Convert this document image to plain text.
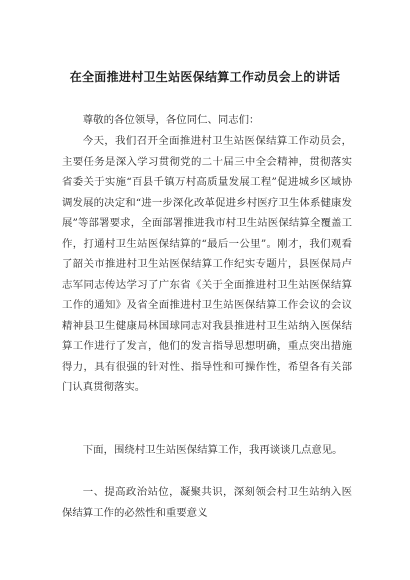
在全面推进村卫生站医保结算工作动员会上的讲话

尊敬的各位领导，各位同仁、同志们：

今天，我们召开全面推进村卫生站医保结算工作动员会，主要任务是深入学习贯彻党的二十届三中全会精神，贯彻落实省委关于实施“百县千镇万村高质量发展工程”促进城乡区域协调发展的决定和“进一步深化改革促进乡村医疗卫生体系健康发展”等部署要求，全面部署推进我市村卫生站医保结算全覆盖工作，打通村卫生站医保结算的“最后一公里”。刚才，我们观看了韶关市推进村卫生站医保结算工作纪实专题片，县医保局卢志军同志传达学习了广东省《关于全面推进村卫生站医保结算工作的通知》及省全面推进村卫生站医保结算工作会议的会议精神县卫生健康局林国球同志对我县推进村卫生站纳入医保结算工作进行了发言，他们的发言指导思想明确，重点突出措施得力，具有很强的针对性、指导性和可操作性，希望各有关部门认真贯彻落实。

下面，围绕村卫生站医保结算工作，我再谈谈几点意见。

一、提高政治站位，凝聚共识，深刻领会村卫生站纳入医保结算工作的必然性和重要意义
